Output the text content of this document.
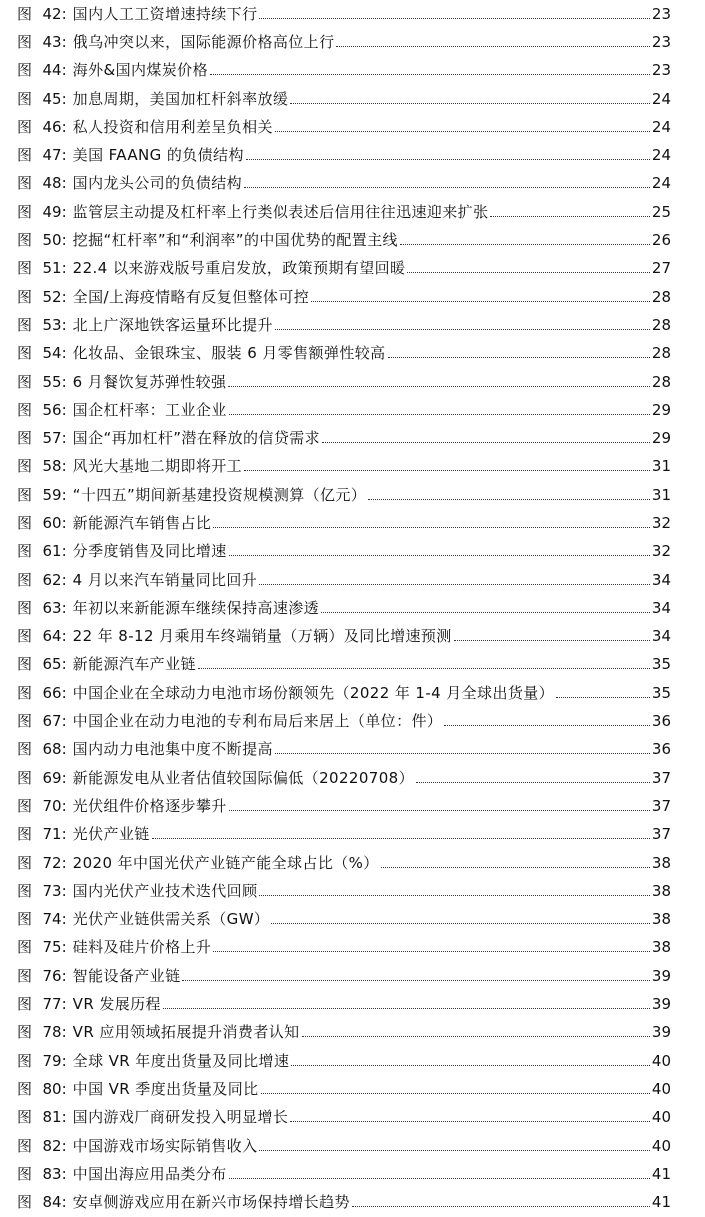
图 42 : 国内人工工资增速持续下行	23
图 43 : 俄乌冲突以来，国际能源价格高位上行	23
图 44 : 海外&国内煤炭价格	23
图 45 : 加息周期，美国加杠杆斜率放缓	24
图 46 : 私人投资和信用利差呈负相关	24
图 47 : 美国 FAANG 的负债结构	24
图 48 : 国内龙头公司的负债结构	24
图 49 : 监管层主动提及杠杆率上行类似表述后信用往往迅速迎来扩张	25
图 50 : 挖掘“杠杆率”和“利润率”的中国优势的配置主线	26
图 51 : 22.4 以来游戏版号重启发放，政策预期有望回暖	27
图 52 : 全国/上海疫情略有反复但整体可控	28
图 53 : 北上广深地铁客运量环比提升	28
图 54 : 化妆品、金银珠宝、服装 6 月零售额弹性较高	28
图 55 : 6 月餐饮复苏弹性较强	28
图 56 : 国企杠杆率：工业企业	29
图 57 : 国企“再加杠杆”潜在释放的信贷需求	29
图 58 : 风光大基地二期即将开工	31
图 59 : “十四五”期间新基建投资规模测算（亿元）	31
图 60 : 新能源汽车销售占比	32
图 61 : 分季度销售及同比增速	32
图 62 : 4 月以来汽车销量同比回升	34
图 63 : 年初以来新能源车继续保持高速渗透	34
图 64 : 22 年 8-12 月乘用车终端销量（万辆）及同比增速预测	34
图 65 : 新能源汽车产业链	35
图 66 : 中国企业在全球动力电池市场份额领先（2022 年 1-4 月全球出货量）	35
图 67 : 中国企业在动力电池的专利布局后来居上（单位：件）	36
图 68 : 国内动力电池集中度不断提高	36
图 69 : 新能源发电从业者估值较国际偏低（20220708）	37
图 70 : 光伏组件价格逐步攀升	37
图 71 : 光伏产业链	37
图 72 : 2020 年中国光伏产业链产能全球占比（%）	38
图 73 : 国内光伏产业技术迭代回顾	38
图 74 : 光伏产业链供需关系（GW）	38
图 75 : 硅料及硅片价格上升	38
图 76 : 智能设备产业链	39
图 77 : VR 发展历程	39
图 78 : VR 应用领域拓展提升消费者认知	39
图 79 : 全球 VR 年度出货量及同比增速	40
图 80 : 中国 VR 季度出货量及同比	40
图 81 : 国内游戏厂商研发投入明显增长	40
图 82 : 中国游戏市场实际销售收入	40
图 83 : 中国出海应用品类分布	41
图 84 : 安卓侧游戏应用在新兴市场保持增长趋势	41
